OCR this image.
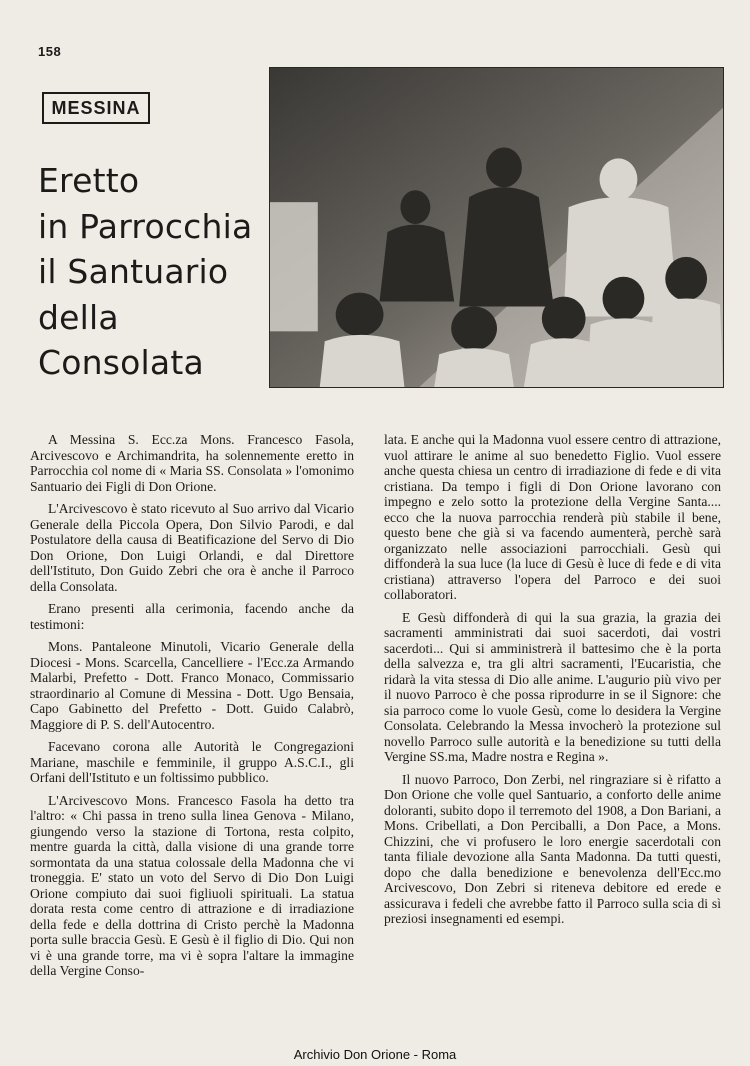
158
MESSINA
Eretto
in Parrocchia
il Santuario
della
Consolata

A Messina S. Ecc.za Mons. Francesco Fasola, Arcivescovo e Archimandrita, ha solennemente eretto in Parrocchia col nome di « Maria SS. Consolata » l'omonimo Santuario dei Figli di Don Orione.

L'Arcivescovo è stato ricevuto al Suo arrivo dal Vicario Generale della Piccola Opera, Don Silvio Parodi, e dal Postulatore della causa di Beatificazione del Servo di Dio Don Orione, Don Luigi Orlandi, e dal Direttore dell'Istituto, Don Guido Zebri che ora è anche il Parroco della Consolata.

Erano presenti alla cerimonia, facendo anche da testimoni:

Mons. Pantaleone Minutoli, Vicario Generale della Diocesi - Mons. Scarcella, Cancelliere - l'Ecc.za Armando Malarbi, Prefetto - Dott. Franco Monaco, Commissario straordinario al Comune di Messina - Dott. Ugo Bensaia, Capo Gabinetto del Prefetto - Dott. Guido Calabrò, Maggiore di P. S. dell'Autocentro.

Facevano corona alle Autorità le Congregazioni Mariane, maschile e femminile, il gruppo A.S.C.I., gli Orfani dell'Istituto e un foltissimo pubblico.

L'Arcivescovo Mons. Francesco Fasola ha detto tra l'altro: « Chi passa in treno sulla linea Genova - Milano, giungendo verso la stazione di Tortona, resta colpito, mentre guarda la città, dalla visione di una grande torre sormontata da una statua colossale della Madonna che vi troneggia. E' stato un voto del Servo di Dio Don Luigi Orione compiuto dai suoi figliuoli spirituali. La statua dorata resta come centro di attrazione e di irradiazione della fede e della dottrina di Cristo perchè la Madonna porta sulle braccia Gesù. E Gesù è il figlio di Dio. Qui non vi è una grande torre, ma vi è sopra l'altare la immagine della Vergine Conso-

lata. E anche qui la Madonna vuol essere centro di attrazione, vuol attirare le anime al suo benedetto Figlio. Vuol essere anche questa chiesa un centro di irradiazione di fede e di vita cristiana. Da tempo i figli di Don Orione lavorano con impegno e zelo sotto la protezione della Vergine Santa.... ecco che la nuova parrocchia renderà più stabile il bene, questo bene che già si va facendo aumenterà, perchè sarà organizzato nelle associazioni parrocchiali. Gesù qui diffonderà la sua luce (la luce di Gesù è luce di fede e di vita cristiana) attraverso l'opera del Parroco e dei suoi collaboratori.

E Gesù diffonderà di qui la sua grazia, la grazia dei sacramenti amministrati dai suoi sacerdoti, dai vostri sacerdoti... Qui si amministrerà il battesimo che è la porta della salvezza e, tra gli altri sacramenti, l'Eucaristia, che ridarà la vita stessa di Dio alle anime. L'augurio più vivo per il nuovo Parroco è che possa riprodurre in se il Signore: che sia parroco come lo vuole Gesù, come lo desidera la Vergine Consolata. Celebrando la Messa invocherò la protezione sul novello Parroco sulle autorità e la benedizione su tutti della Vergine SS.ma, Madre nostra e Regina ».

Il nuovo Parroco, Don Zerbi, nel ringraziare si è rifatto a Don Orione che volle quel Santuario, a conforto delle anime doloranti, subito dopo il terremoto del 1908, a Don Bariani, a Mons. Cribellati, a Don Perciballi, a Don Pace, a Mons. Chizzini, che vi profusero le loro energie sacerdotali con tanta filiale devozione alla Santa Madonna. Da tutti questi, dopo che dalla benedizione e benevolenza dell'Ecc.mo Arcivescovo, Don Zebri si riteneva debitore ed erede e assicurava i fedeli che avrebbe fatto il Parroco sulla scia di sì preziosi insegnamenti ed esempi.

Archivio Don Orione - Roma
